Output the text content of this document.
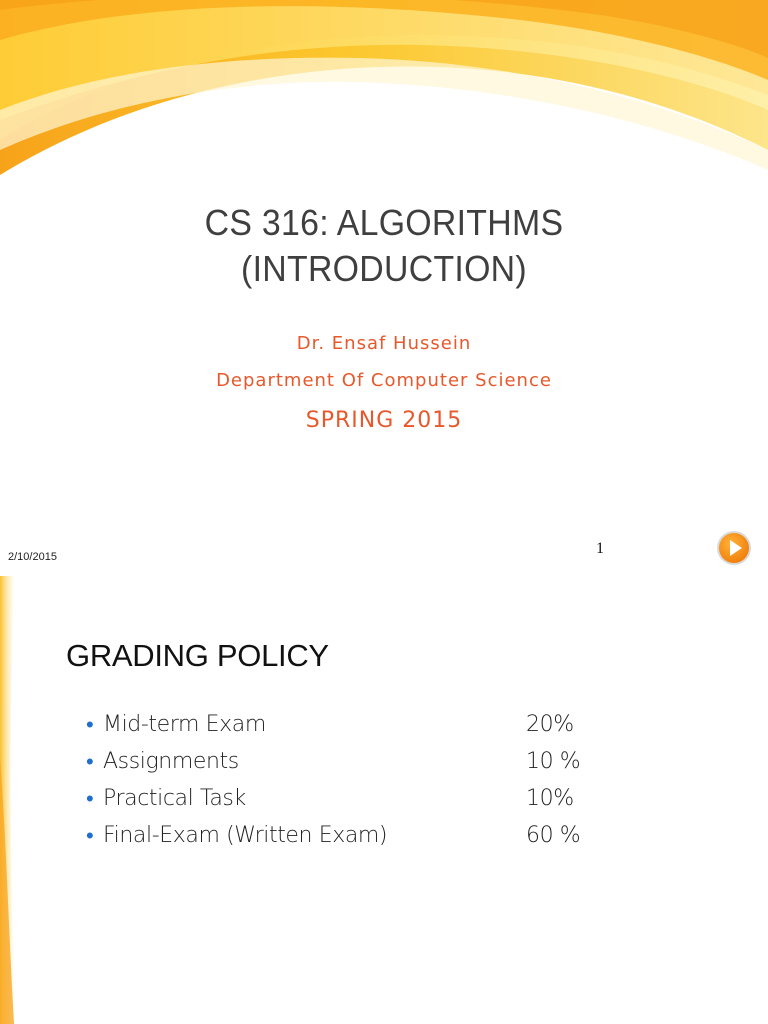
CS 316: ALGORITHMS
(INTRODUCTION)
Dr. Ensaf Hussein
Department Of Computer Science
SPRING 2015
2/10/2015	1
GRADING POLICY
• Mid-term Exam	20%
• Assignments	10 %
• Practical Task	10%
• Final-Exam (Written Exam)	60 %
